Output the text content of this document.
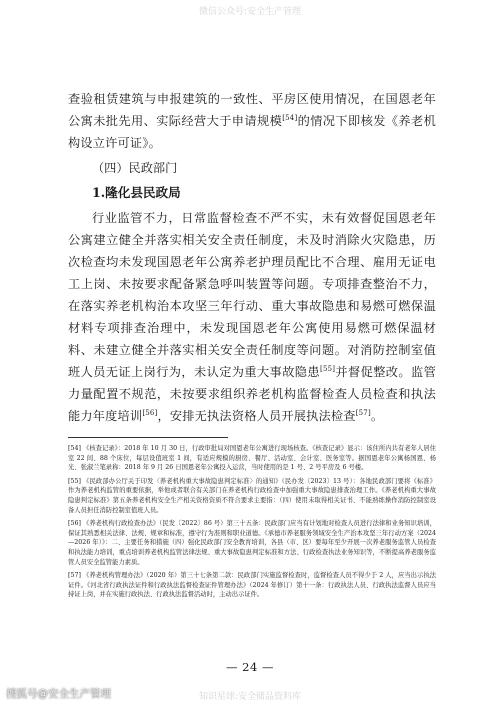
微信公众号:安全生产管理

查验租赁建筑与申报建筑的一致性、平房区使用情况，在国恩老年公寓未批先用、实际经营大于申请规模[54]的情况下即核发《养老机构设立许可证》。

（四）民政部门
1.隆化县民政局

行业监管不力，日常监督检查不严不实，未有效督促国恩老年公寓建立健全并落实相关安全责任制度，未及时消除火灾隐患，历次检查均未发现国恩老年公寓养老护理员配比不合理、雇用无证电工上岗、未按要求配备紧急呼叫装置等问题。专项排查整治不力，在落实养老机构治本攻坚三年行动、重大事故隐患和易燃可燃保温材料专项排查治理中，未发现国恩老年公寓使用易燃可燃保温材料、未建立健全并落实相关安全责任制度等问题。对消防控制室值班人员无证上岗行为，未认定为重大事故隐患[55]并督促整改。监管力量配置不规范，未按要求组织养老机构监督检查人员检查和执法能力年度培训[56]，安排无执法资格人员开展执法检查[57]。

[54] 《核查记录》：2018 年 10 月 30 日，行政审批局对国恩老年公寓进行现场核查。《核查记录》显示：该住所内共有老年人居住室 22 间、88 个床位，每层设值班室 1 间，有适应规模的厨房、餐厅、活动室、会计室、医务室等。据国恩老年公寓杨国恩、杨光、张淑兰笔录称：2018 年 9 月 26 日国恩老年公寓投入运营，当时使用的是 1 号、2 号平房及 6 号楼。

[55] 《民政部办公厅关于印发〈养老机构重大事故隐患判定标准〉的通知》（民办发〔2023〕13 号）：各地民政部门要将《标准》作为养老机构监管的重要依据，举他或者联合有关部门在养老机构行政检查中加强重大事故隐患排查治理工作。《养老机构重大事故隐患判定标准》第五条养老机构安全生产相关资格资质不符合要求主要指：（四）使用未取得相关证书、不能熟练操作消防控制室设备人员担任消防控制室值班人员。

[56] 《养老机构行政检查办法》（民发〔2022〕86 号）第三十五条：民政部门应当有计划地对检查人员进行法律和业务知识培训，保证其熟悉相关法律、法规、规章和标准，遵守行为准则和职业道德。《承德市养老服务领域安全生产治本攻坚三年行动方案（2024—2026 年）》：二、主要任务和措施（四）强化民政部门安全教育培训，各县（市、区）要每年至少开展一次养老服务监管人员检查和执法能力培训，重点培训养老机构监管法律法规、重大事故隐患判定标准和方法、行政检查执法业务知识等，不断提高养老服务监管人员安全监管能力素质。

[57] 《养老机构管理办法》（2020 年）第三十七条第二款：民政部门实施监督检查时，监督检查人员不得少于 2 人，应当出示执法证件。《河北省行政执法证件和行政执法监督检查证件管理办法》（2024 年修订）第十一条：行政执法人员、行政执法监督人员应当持证上岗，并在实施行政执法、行政执法监督活动时，主动出示证件。

— 24 —
知识星球:安全储品资料库
搜狐号@安全生产管理
